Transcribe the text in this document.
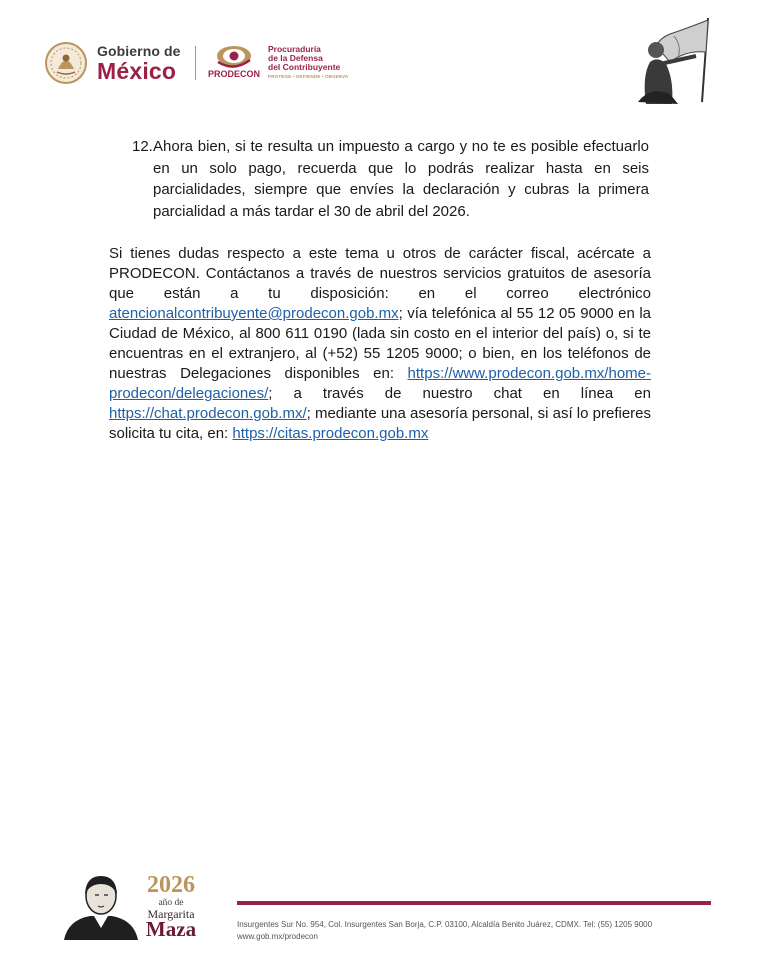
Gobierno de
México	PRODECON
Procuraduría
de la Defensa
del Contribuyente
PROTEGE • DEFIENDE • OBSERVA
12. Ahora bien, si te resulta un impuesto a cargo y no te es posible efectuarlo en un solo pago, recuerda que lo podrás realizar hasta en seis parcialidades, siempre que envíes la declaración y cubras la primera parcialidad a más tardar el 30 de abril del 2026.
Si tienes dudas respecto a este tema u otros de carácter fiscal, acércate a PRODECON. Contáctanos a través de nuestros servicios gratuitos de asesoría que están a tu disposición: en el correo electrónico atencionalcontribuyente@prodecon.gob.mx; vía telefónica al 55 12 05 9000 en la Ciudad de México, al 800 611 0190 (lada sin costo en el interior del país) o, si te encuentras en el extranjero, al (+52) 55 1205 9000; o bien, en los teléfonos de nuestras Delegaciones disponibles en: https://www.prodecon.gob.mx/home-prodecon/delegaciones/; a través de nuestro chat en línea en https://chat.prodecon.gob.mx/; mediante una asesoría personal, si así lo prefieres solicita tu cita, en: https://citas.prodecon.gob.mx
2026
año de
Margarita
Maza	Insurgentes Sur No. 954, Col. Insurgentes San Borja, C.P. 03100, Alcaldía Benito Juárez, CDMX. Tel: (55) 1205 9000
www.gob.mx/prodecon
